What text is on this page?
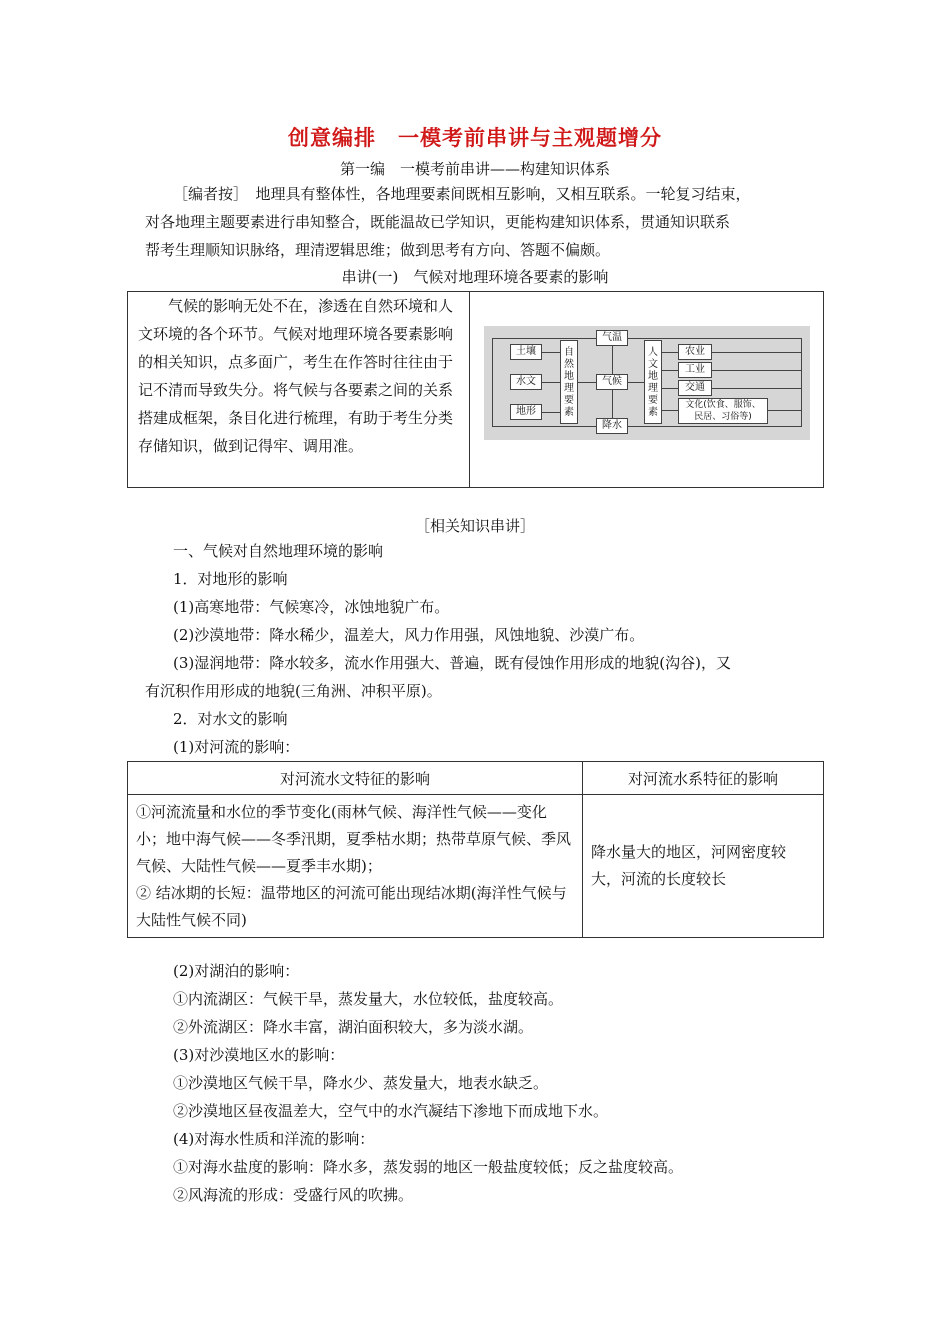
创意编排　一模考前串讲与主观题增分
第一编　一模考前串讲——构建知识体系
［编者按］　地理具有整体性，各地理要素间既相互影响，又相互联系。一轮复习结束，
对各地理主题要素进行串知整合，既能温故已学知识，更能构建知识体系，贯通知识联系
帮考生理顺知识脉络，理清逻辑思维；做到思考有方向、答题不偏颇。
串讲(一)　气候对地理环境各要素的影响
气候的影响无处不在，渗透在自然环境和人文环境的各个环节。气候对地理环境各要素影响的相关知识，点多面广，考生在作答时往往由于记不清而导致失分。将气候与各要素之间的关系搭建成框架，条目化进行梳理，有助于考生分类存储知识，做到记得牢、调用准。
土壤
水文
地形
自然地理要素
气温
气候
降水
人文地理要素
农业
工业
交通
文化(饮食、服饰、民居、习俗等)
［相关知识串讲］
一、气候对自然地理环境的影响
1．对地形的影响
(1)高寒地带：气候寒冷，冰蚀地貌广布。
(2)沙漠地带：降水稀少，温差大，风力作用强，风蚀地貌、沙漠广布。
(3)湿润地带：降水较多，流水作用强大、普遍，既有侵蚀作用形成的地貌(沟谷)，又
有沉积作用形成的地貌(三角洲、冲积平原)。
2．对水文的影响
(1)对河流的影响：
对河流水文特征的影响	对河流水系特征的影响

①河流流量和水位的季节变化(雨林气候、海洋性气候——变化小；地中海气候——冬季汛期，夏季枯水期；热带草原气候、季风气候、大陆性气候——夏季丰水期)；
② 结冰期的长短：温带地区的河流可能出现结冰期(海洋性气候与大陆性气候不同)	降水量大的地区，河网密度较大，河流的长度较长
(2)对湖泊的影响：
①内流湖区：气候干旱，蒸发量大，水位较低，盐度较高。
②外流湖区：降水丰富，湖泊面积较大，多为淡水湖。
(3)对沙漠地区水的影响：
①沙漠地区气候干旱，降水少、蒸发量大，地表水缺乏。
②沙漠地区昼夜温差大，空气中的水汽凝结下渗地下而成地下水。
(4)对海水性质和洋流的影响：
①对海水盐度的影响：降水多，蒸发弱的地区一般盐度较低；反之盐度较高。
②风海流的形成：受盛行风的吹拂。
